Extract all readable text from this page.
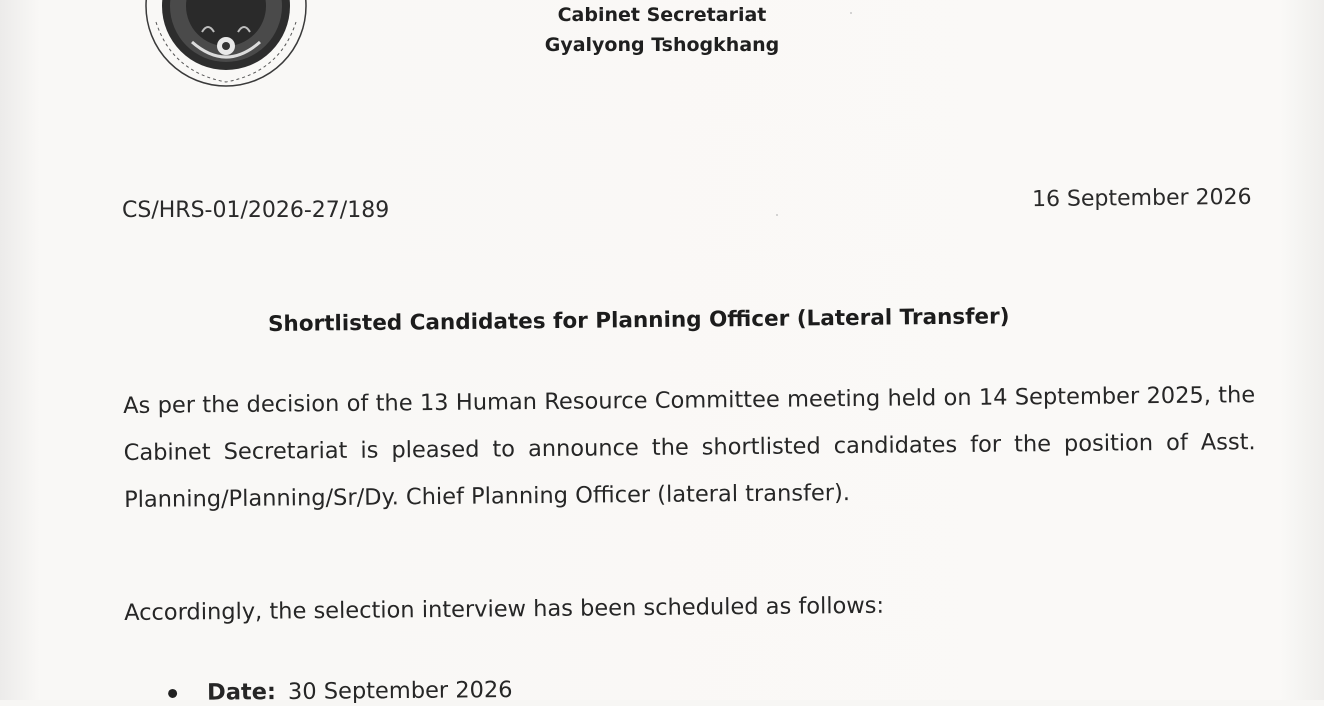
Cabinet Secretariat
Gyalyong Tshogkhang
CS/HRS-01/2026-27/189	16 September 2026
Shortlisted Candidates for Planning Officer (Lateral Transfer)
As per the decision of the 13 Human Resource Committee meeting held on 14 September 2025, the Cabinet Secretariat is pleased to announce the shortlisted candidates for the position of Asst. Planning/Planning/Sr/Dy. Chief Planning Officer (lateral transfer).
Accordingly, the selection interview has been scheduled as follows:
Date: 30 September 2026
